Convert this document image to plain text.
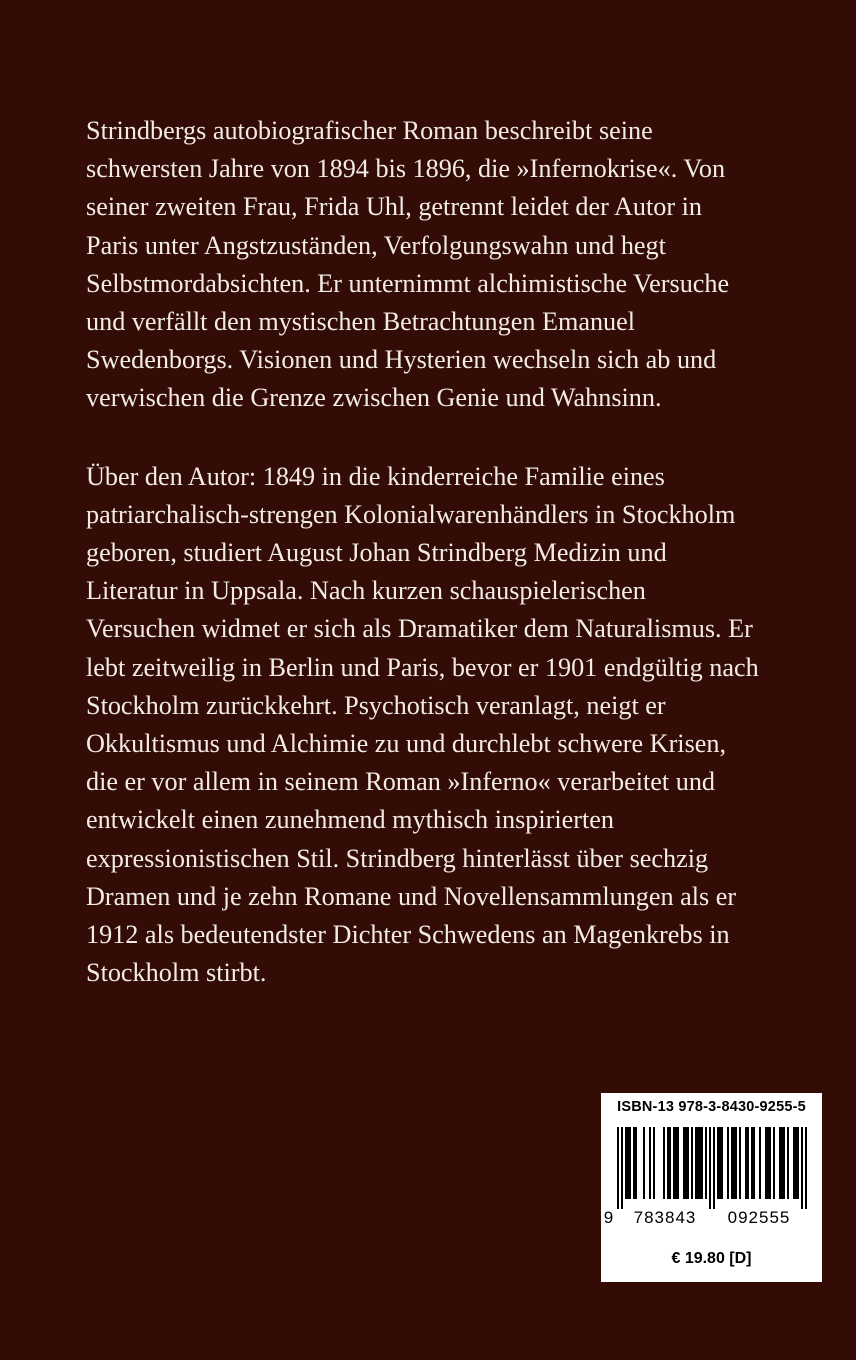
Strindbergs autobiografischer Roman beschreibt seine
schwersten Jahre von 1894 bis 1896, die »Infernokrise«. Von
seiner zweiten Frau, Frida Uhl, getrennt leidet der Autor in
Paris unter Angstzuständen, Verfolgungswahn und hegt
Selbstmordabsichten. Er unternimmt alchimistische Versuche
und verfällt den mystischen Betrachtungen Emanuel
Swedenborgs. Visionen und Hysterien wechseln sich ab und
verwischen die Grenze zwischen Genie und Wahnsinn.

Über den Autor: 1849 in die kinderreiche Familie eines
patriarchalisch-strengen Kolonialwarenhändlers in Stockholm
geboren, studiert August Johan Strindberg Medizin und
Literatur in Uppsala. Nach kurzen schauspielerischen
Versuchen widmet er sich als Dramatiker dem Naturalismus. Er
lebt zeitweilig in Berlin und Paris, bevor er 1901 endgültig nach
Stockholm zurückkehrt. Psychotisch veranlagt, neigt er
Okkultismus und Alchimie zu und durchlebt schwere Krisen,
die er vor allem in seinem Roman »Inferno« verarbeitet und
entwickelt einen zunehmend mythisch inspirierten
expressionistischen Stil. Strindberg hinterlässt über sechzig
Dramen und je zehn Romane und Novellensammlungen als er
1912 als bedeutendster Dichter Schwedens an Magenkrebs in
Stockholm stirbt.

ISBN-13 978-3-8430-9255-5
9 783843 092555
€ 19.80 [D]
